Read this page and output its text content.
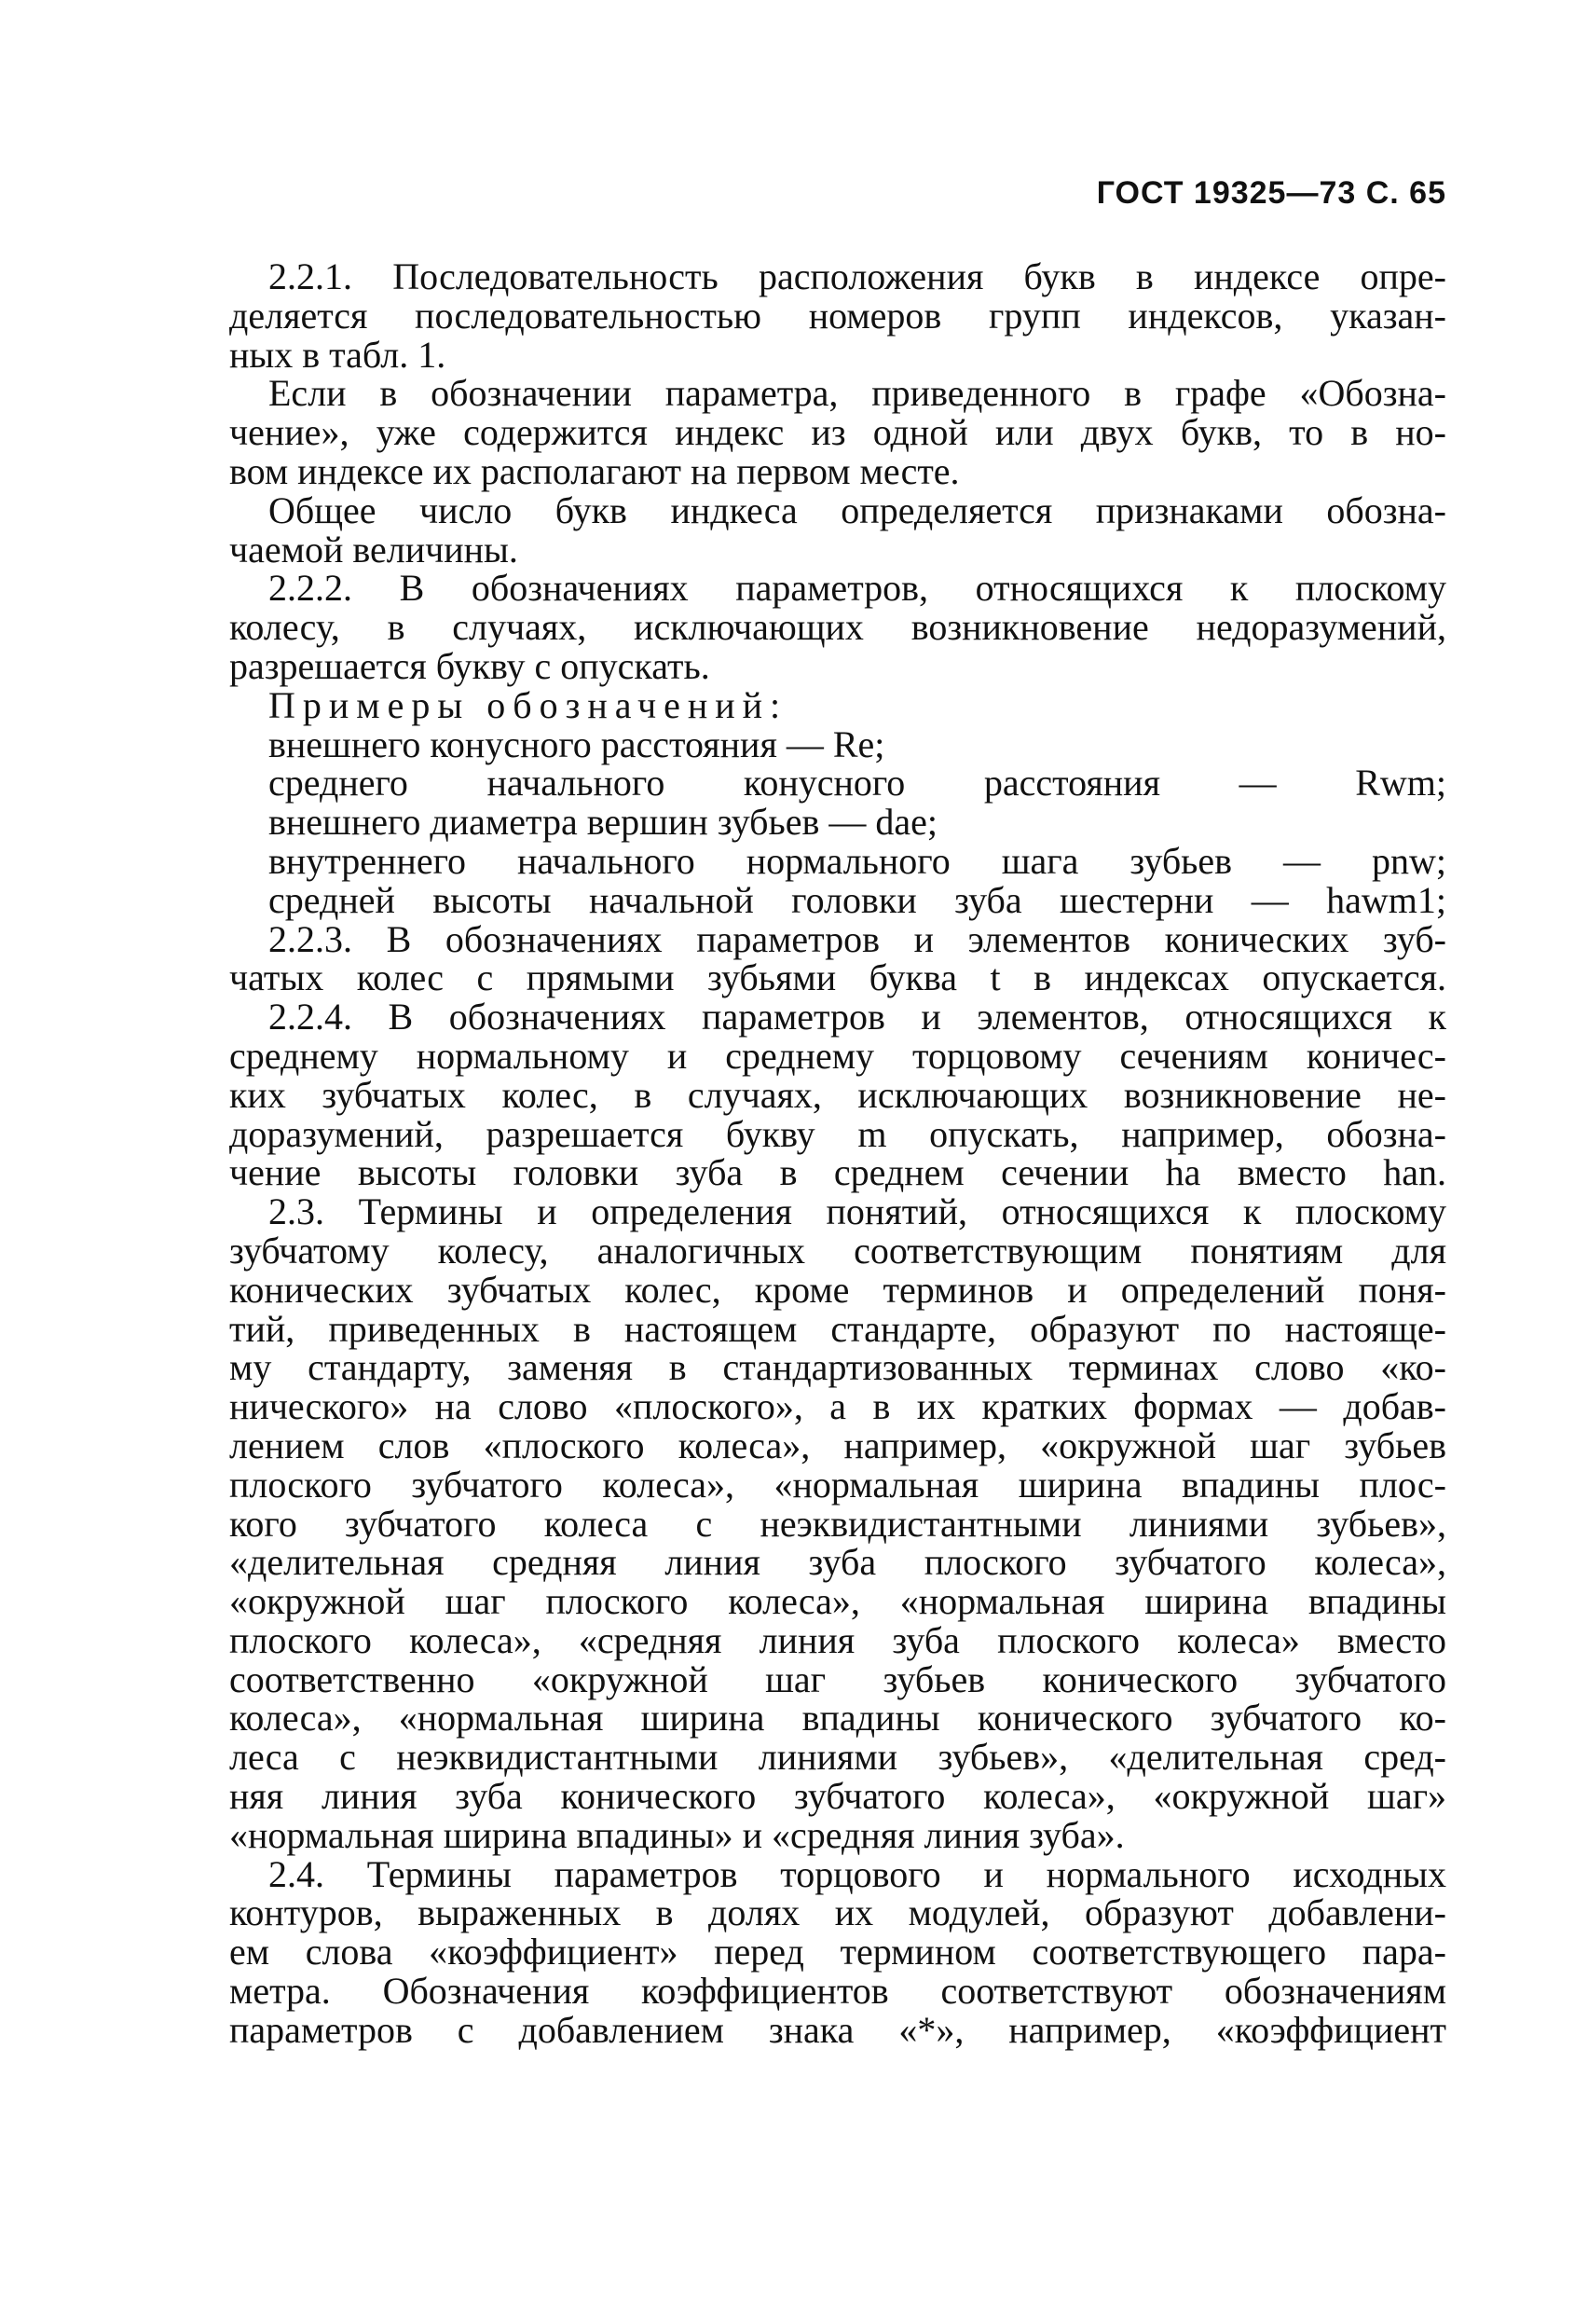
ГОСТ 19325—73 С. 65
2.2.1. Последовательность расположения букв в индексе опре-
деляется последовательностью номеров групп индексов, указан-
ных в табл. 1.
Если в обозначении параметра, приведенного в графе «Обозна-
чение», уже содержится индекс из одной или двух букв, то в но-
вом индексе их располагают на первом месте.
Общее число букв индкеса определяется признаками обозна-
чаемой величины.
2.2.2. В обозначениях параметров, относящихся к плоскому
колесу, в случаях, исключающих возникновение недоразумений,
разрешается букву c опускать.
Примеры обозначений:
внешнего конусного расстояния — Re;
среднего начального конусного расстояния — Rwm;
внешнего диаметра вершин зубьев — dae;
внутреннего начального нормального шага зубьев — pnw;
средней высоты начальной головки зуба шестерни — hawm1;
2.2.3. В обозначениях параметров и элементов конических зуб-
чатых колес с прямыми зубьями буква t в индексах опускается.
2.2.4. В обозначениях параметров и элементов, относящихся к
среднему нормальному и среднему торцовому сечениям коничес-
ких зубчатых колес, в случаях, исключающих возникновение не-
доразумений, разрешается букву m опускать, например, обозна-
чение высоты головки зуба в среднем сечении ha вместо han.
2.3. Термины и определения понятий, относящихся к плоскому
зубчатому колесу, аналогичных соответствующим понятиям для
конических зубчатых колес, кроме терминов и определений поня-
тий, приведенных в настоящем стандарте, образуют по настояще-
му стандарту, заменяя в стандартизованных терминах слово «ко-
нического» на слово «плоского», а в их кратких формах — добав-
лением слов «плоского колеса», например, «окружной шаг зубьев
плоского зубчатого колеса», «нормальная ширина впадины плос-
кого зубчатого колеса с неэквидистантными линиями зубьев»,
«делительная средняя линия зуба плоского зубчатого колеса»,
«окружной шаг плоского колеса», «нормальная ширина впадины
плоского колеса», «средняя линия зуба плоского колеса» вместо
соответственно «окружной шаг зубьев конического зубчатого
колеса», «нормальная ширина впадины конического зубчатого ко-
леса с неэквидистантными линиями зубьев», «делительная сред-
няя линия зуба конического зубчатого колеса», «окружной шаг»
«нормальная ширина впадины» и «средняя линия зуба».
2.4. Термины параметров торцового и нормального исходных
контуров, выраженных в долях их модулей, образуют добавлени-
ем слова «коэффициент» перед термином соответствующего пара-
метра. Обозначения коэффициентов соответствуют обозначениям
параметров с добавлением знака «*», например, «коэффициент
